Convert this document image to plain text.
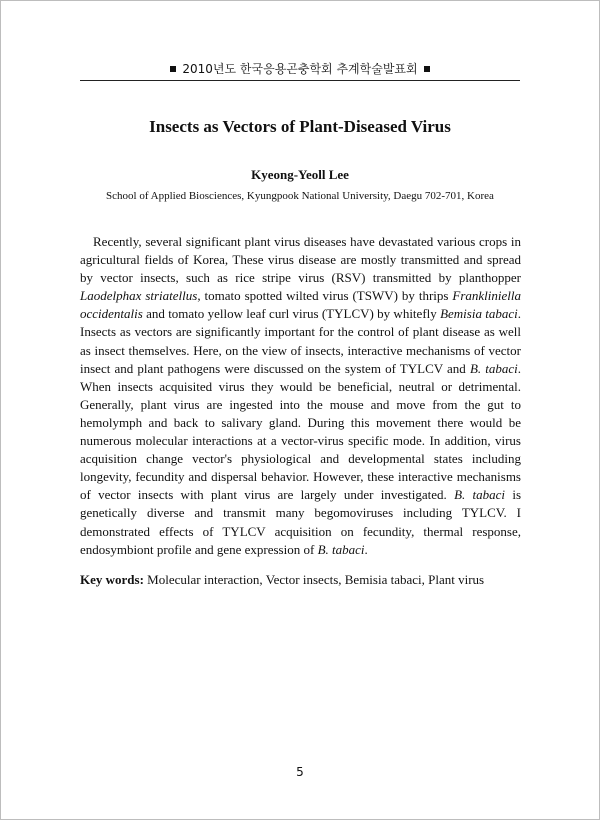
2010년도 한국응용곤충학회 추계학술발표회
Insects as Vectors of Plant-Diseased Virus
Kyeong-Yeoll Lee
School of Applied Biosciences, Kyungpook National University, Daegu 702-701, Korea

Recently, several significant plant virus diseases have devastated various crops in agricultural fields of Korea, These virus disease are mostly transmitted and spread by vector insects, such as rice stripe virus (RSV) transmitted by planthopper Laodelphax striatellus, tomato spotted wilted virus (TSWV) by thrips Frankliniella occidentalis and tomato yellow leaf curl virus (TYLCV) by whitefly Bemisia tabaci. Insects as vectors are significantly important for the control of plant disease as well as insect themselves. Here, on the view of insects, interactive mechanisms of vector insect and plant pathogens were discussed on the system of TYLCV and B. tabaci. When insects acquisited virus they would be beneficial, neutral or detrimental. Generally, plant virus are ingested into the mouse and move from the gut to hemolymph and back to salivary gland. During this movement there would be numerous molecular interactions at a vector-virus specific mode. In addition, virus acquisition change vector's physiological and developmental states including longevity, fecundity and dispersal behavior. However, these interactive mechanisms of vector insects with plant virus are largely under investigated. B. tabaci is genetically diverse and transmit many begomoviruses including TYLCV. I demonstrated effects of TYLCV acquisition on fecundity, thermal response, endosymbiont profile and gene expression of B. tabaci.

Key words: Molecular interaction, Vector insects, Bemisia tabaci, Plant virus

5
